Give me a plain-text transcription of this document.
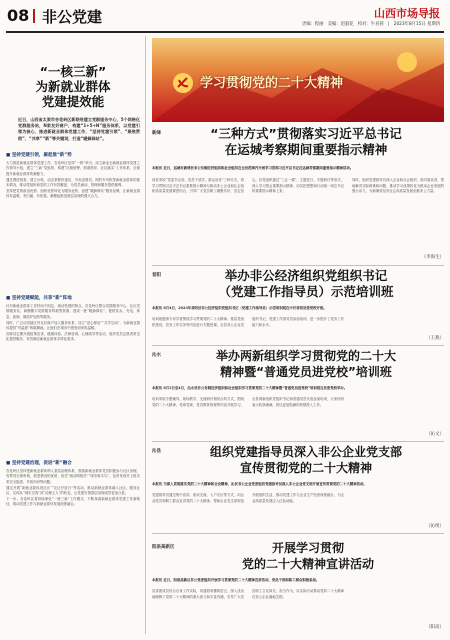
08 非公党建	山西市场导报
责编：程丽　美编：赵淑花　校对：牛君莉　|　2023年8月15日 星期四
“一核三新”
为新就业群体
党建提效能
近日，山西省太原市杏花岭区新联络建立党群服务中心，5个网格化党群服务站，N家友好商户，构建“1+5+N”服务体系，以党建引领为核心，推进新就业群体党建工作，“坚持党建引领”、“聚焦贯彻”、“共享”“新”等关键词，打造“暖蜂驿站”。
■ 坚持党建引领，凝起推“新”势
大力推进新就业群体党建工作，杏花岭区坚持“一核”牵引，成立新业态新就业群体党建工作领导小组，建立“三新”党组织，构建“区级统筹、街道指导、社区落实”工作体系，全面提升新就业群体的凝聚力。
通过摸底排查、建立台账，动态掌握快递员、外卖送餐员、网约车司机等新就业群体的基本情况，推动党组织和党的工作有效覆盖，为党员流动、管理和服务提供便利。
坚持把党的政治优势、组织优势转化为服务优势，创建“暖蜂驿站”服务品牌，让新就业群体有温暖、有归属、有依靠，凝聚起推进基层治理的强大合力。
■ 坚持党建赋能，共享“新”阵地
针对新就业群体工作时间不固定、流动性强的特点，杏花岭区整合党群服务中心、社区党群服务站、商圈楼宇党群服务阵地等资源，建成一批“暖蜂驿站”，提供饮水、充电、休息、如厕、微波炉加热等服务。
同时，广泛动员辖区内友好商户加入服务体系，设立“爱心驿站”“共享空间”，为新就业群体提供“有温度”的歇脚地，让他们在城市中感受到家的温暖。
各驿站定期开展政策宣讲、健康体检、法律咨询、心理疏导等活动，组织党员志愿者常态化提供服务，有效满足新就业群体多样化需求。
■ 坚持党建治理，促进“新”融合
杏花岭区坚持把新就业群体纳入基层治理体系，鼓励新就业群体党员积极参与社区治理，发挥其走街串巷、熟悉情况的优势，担任“流动网格员”“城市啄木鸟”，及时发现并上报各类安全隐患、矛盾纠纷等问题。
通过开展“新就业群体进社区”“社区开放日”等活动，推动新就业群体融入社区、服务社区，实现从“城市过客”到“治理主人”的转变，让党建引领基层治理成效更加凸显。
下一步，杏花岭区将持续深化“一核三新”工作模式，不断探索新就业群体党建工作新路径，推动党建工作与新就业群体发展深度融合。
学习贯彻党的二十大精神
新绛	“三种方式”贯彻落实习近平总书记
在运城考察期间重要指示精神
本报讯 近日，运城市新绛县非公有制经济组织和社会组织在全县范围内开展学习贯彻习近平总书记在运城考察期间重要指示精神活动。
该县采取“党委书记讲、党员干部学、群众宣传”三种方式，将学习贯彻习近平总书记重要指示精神与推动非公企业和社会组织高质量发展紧密结合，引导广大党员职工凝聚共识、坚定信心。各党组织通过“三会一课”、主题党日、专题研讨等形式，深入学习领会重要指示精神，切实把思想和行动统一到总书记的重要指示精神上来。
同时，组织党建指导员深入企业和社会组织，面对面宣讲，帮助解决实际困难和问题，推动学习成果转化为推动企业发展的强大动力，为新绛县经济社会高质量发展贡献非公力量。
（李海生）
昔阳	举办非公经济组织党组织书记
（党建工作指导员）示范培训班
本报讯 8月4日，2023年昔阳县非公经济组织党组织书记（党建工作指导员）示范培训班在中共昔阳县委党校开班。
培训班邀请专家学者围绕学习贯彻党的二十大精神、基层党组织建设、党务工作实务等内容进行专题授课，全县非公企业党组织书记、党建工作指导员参加培训，进一步提升了党务工作能力和水平。
（王燕）
沁水	举办两新组织学习贯彻党的二十大
精神暨“普通党员进党校”培训班
本报讯 8月3日至4日，沁水县非公有制经济组织和社会组织学习贯彻党的二十大精神暨“普通党员进党校”培训班在县委党校举办。
培训采取专题辅导、现场教学、交流研讨相结合的方式，围绕党的二十大精神、党章党规、党员教育管理等内容开展学习，全县两新组织党组织书记和普通党员代表参加培训，大家纷纷表示收获满满，将以更加饱满的热情投入工作。
（沁文）
沁县	组织党建指导员深入非公企业党支部
宣传贯彻党的二十大精神
本报讯 为深入贯彻落实党的二十大精神和全会精神，沁县非公企业党委组织党建指导员深入非公企业党支部开展宣传贯彻党的二十大精神活动。
党建指导员通过集中宣讲、座谈交流、入户走访等方式，向企业党员和职工群众宣讲党的二十大精神，帮助企业党支部规范开展组织生活，推动党建工作与企业生产经营深度融合，为企业高质量发展注入红色动能。
（沁组）
阳泉高新区	开展学习贯彻
党的二十大精神宣讲活动
本报讯 近日，阳泉高新区非公党委组织开展学习贯彻党的二十大精神宣讲活动，党员干部和职工群众积极参加。
宣讲团成员结合自身工作实际，用通俗易懂的语言，深入浅出地阐释了党的二十大精神的重大意义和丰富内涵，引导广大党员职工立足岗位、担当作为，以实际行动推动党的二十大精神在非公企业落地生根。
（阳高）
